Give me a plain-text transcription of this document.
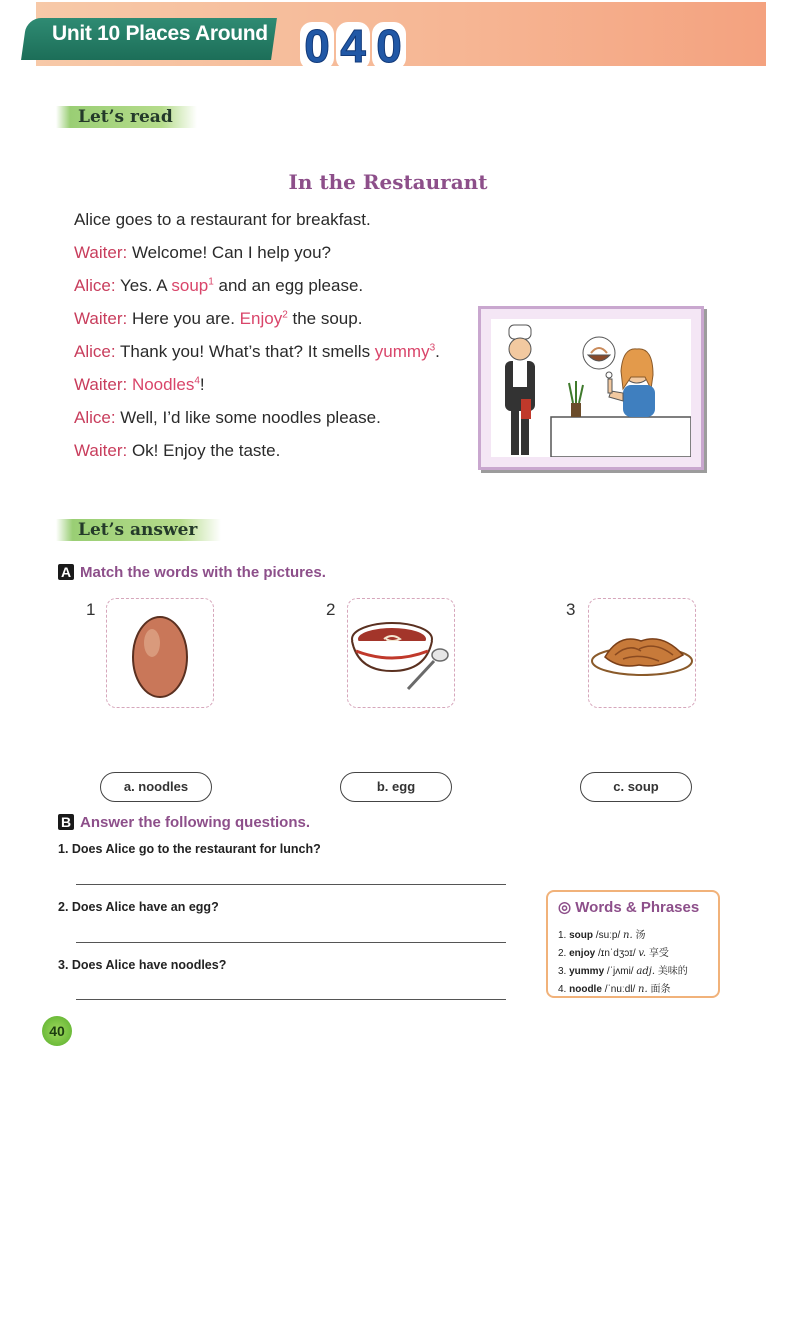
Unit 10 Places Around 0 4 0
Let’s read
In the Restaurant
Alice goes to a restaurant for breakfast.
Waiter: Welcome! Can I help you?
Alice: Yes. A soup$^1$ and an egg please.
Waiter: Here you are. Enjoy$^2$ the soup.
Alice: Thank you! What’s that? It smells yummy$^3$.
Waiter: Noodles$^4$!
Alice: Well, I’d like some noodles please.
Waiter: Ok! Enjoy the taste.
Let’s answer
A Match the words with the pictures.
1	2	3
a. noodles	b. egg	c. soup
B Answer the following questions.
1. Does Alice go to the restaurant for lunch?
2. Does Alice have an egg?
3. Does Alice have noodles?
◎ Words & Phrases
1. soup /suːp/ n. 汤
2. enjoy /ɪnˈdʒɔɪ/ v. 享受
3. yummy /ˈjʌmi/ adj. 美味的
4. noodle /ˈnuːdl/ n. 面条
40
